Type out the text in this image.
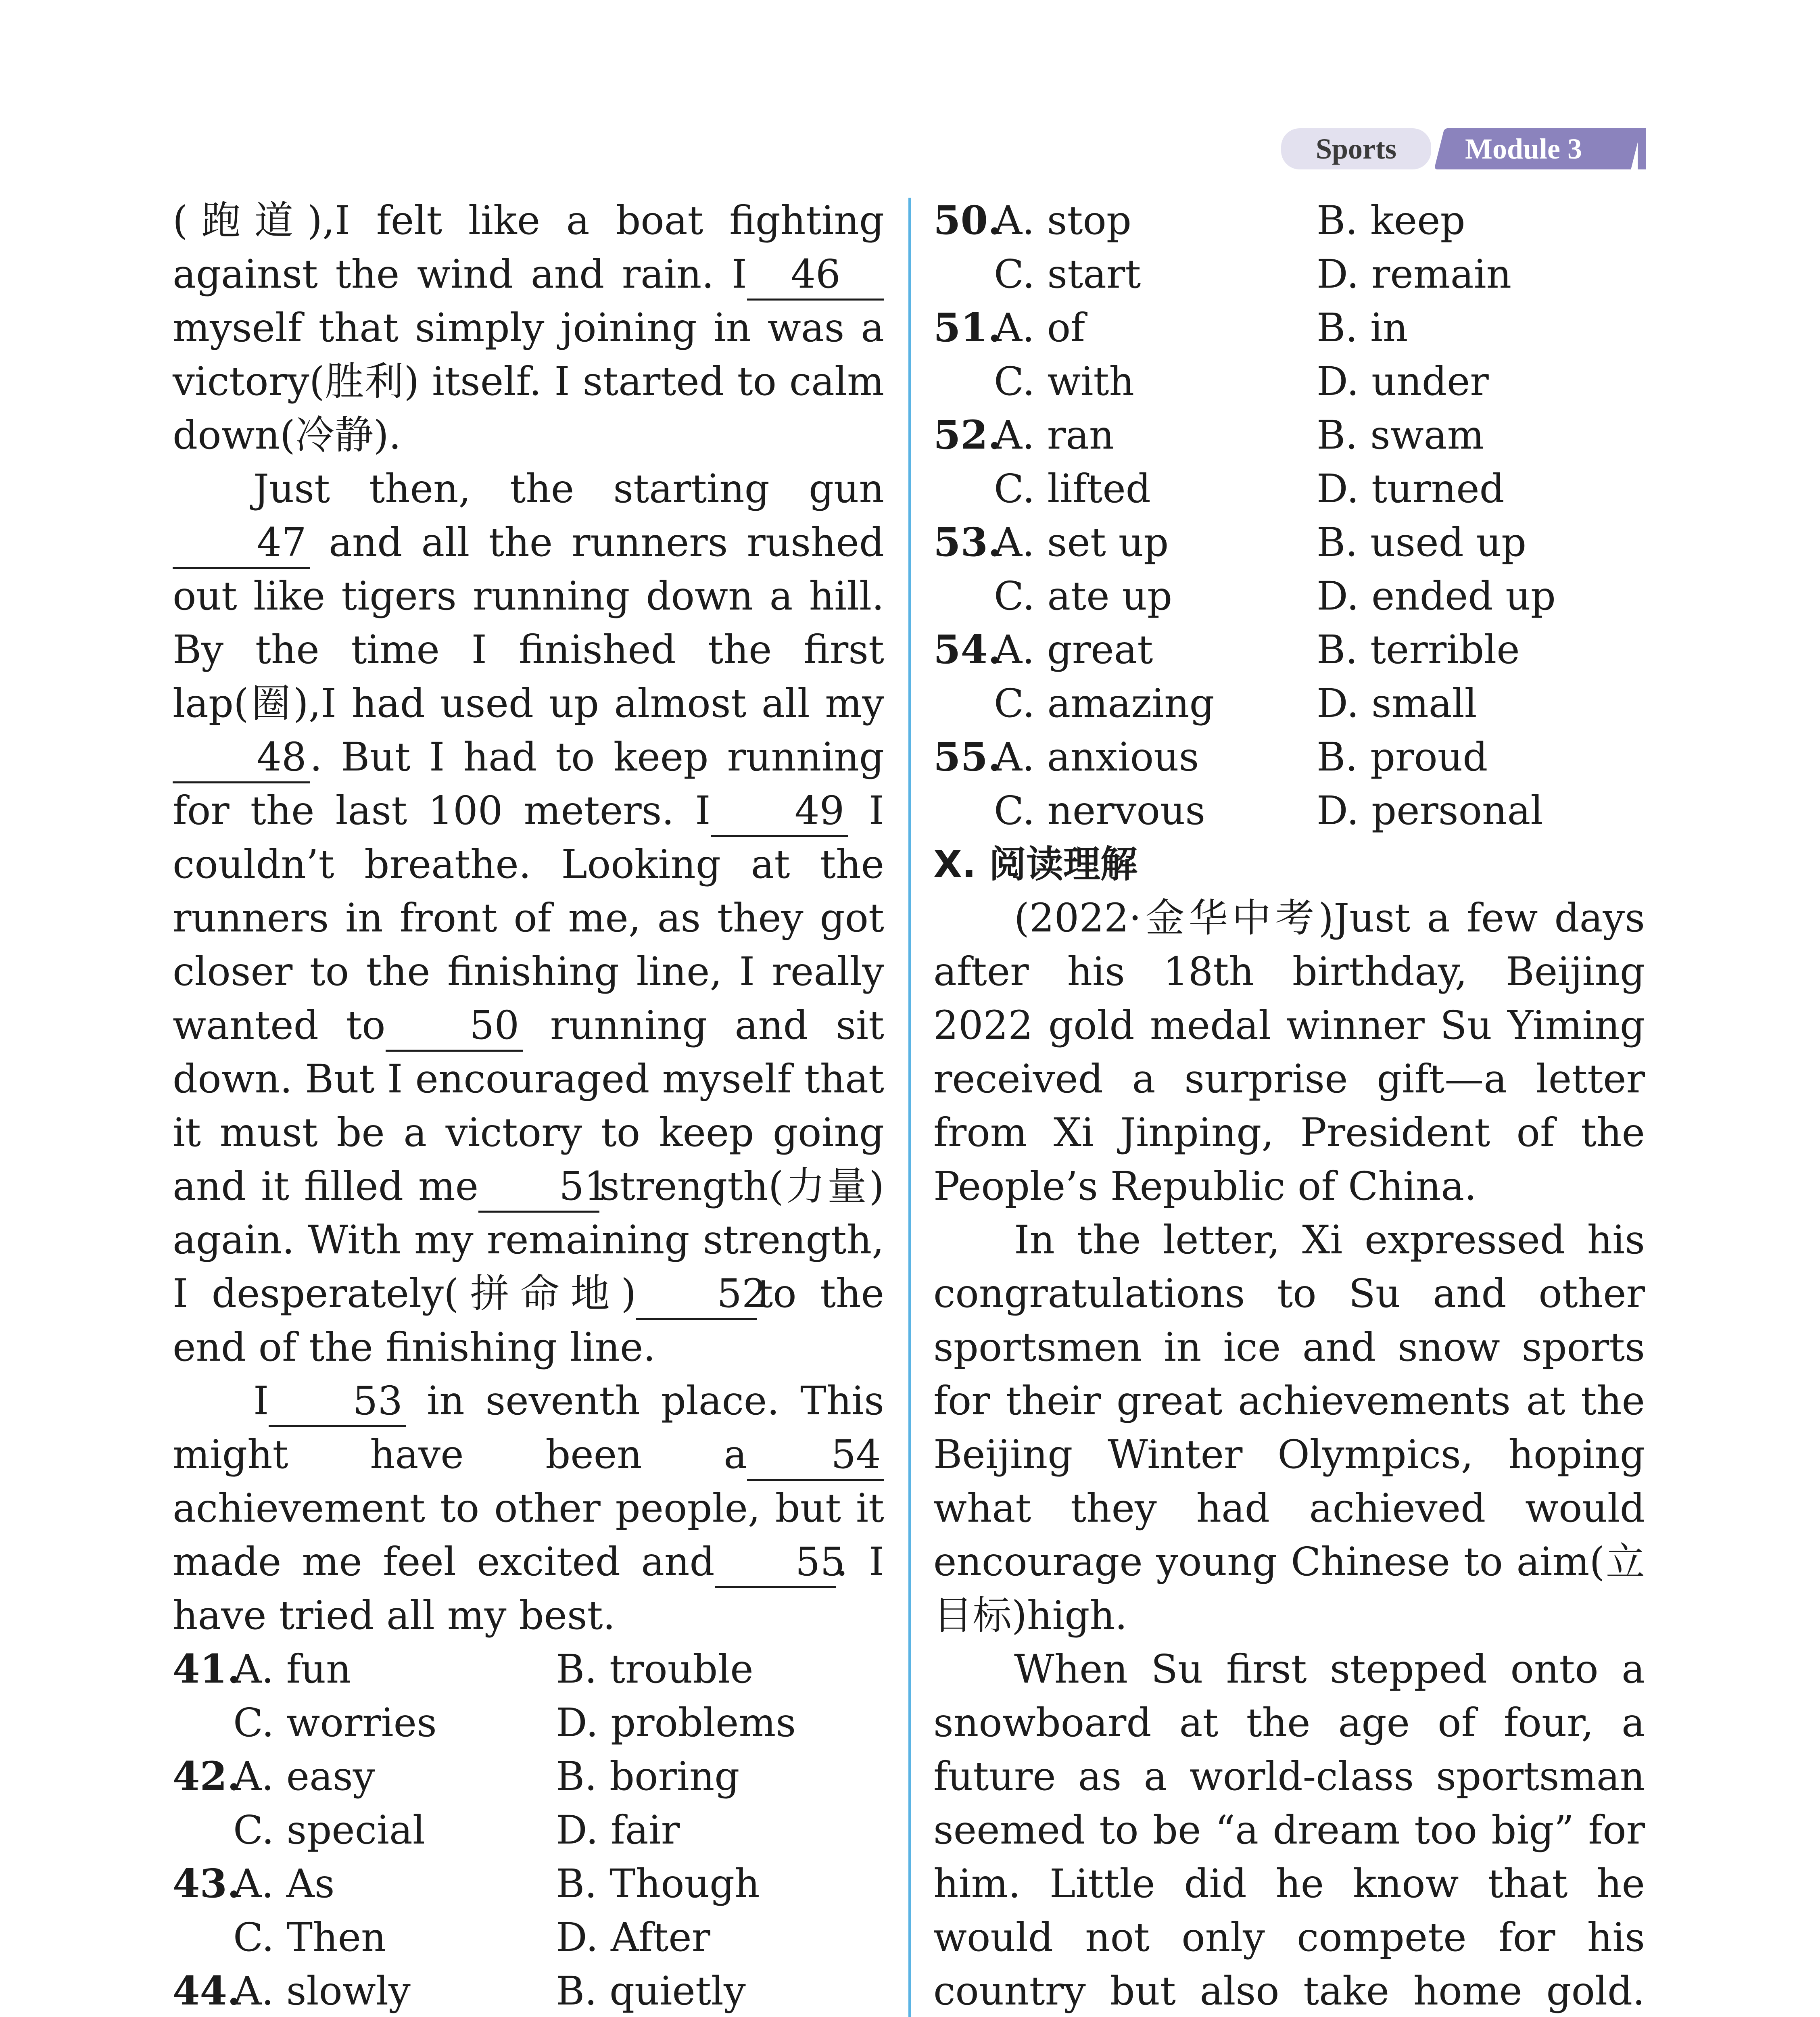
Sports	Module 3

(跑道),I felt like a boat fighting against the wind and rain. I 46 myself that simply joining in was a victory(胜利) itself. I started to calm down(冷静).

Just then, the starting gun47 and all the runners rushed out like tigers running down a hill. By the time I finished the first lap(圈),I had used up almost all my48. But I had to keep running for the last 100 meters. I 49 I couldn’t breathe. Looking at the runners in front of me, as they got closer to the finishing line, I really wanted to 50 running and sit down. But I encouraged myself that it must be a victory to keep going and it filled me 51strength(力量) again. With my remaining strength, I desperately(拼命地) 52to the end of the finishing line.

I 53 in seventh place. This might have been a 54 achievement to other people, but it made me feel excited and 55. I have tried all my best.

41.
A. fun	B. trouble
C. worries	D. problems
42.
A. easy	B. boring
C. special	D. fair
43.
A. As	B. Though
C. Then	D. After
44.
A. slowly	B. quietly
50.
A. stop	B. keep
C. start	D. remain
51.
A. of	B. in
C. with	D. under
52.
A. ran	B. swam
C. lifted	D. turned
53.
A. set up	B. used up
C. ate up	D. ended up
54.
A. great	B. terrible
C. amazing	D. small
55.
A. anxious	B. proud
C. nervous	D. personal
X. 阅读理解

(2022·金华中考)Just a few days after his 18th birthday, Beijing 2022 gold medal winner Su Yiming received a surprise gift—a letter from Xi Jinping, President of the People’s Republic of China.

In the letter, Xi expressed his congratulations to Su and other sportsmen in ice and snow sports for their great achievements at the Beijing Winter Olympics, hoping what they had achieved would encourage young Chinese to aim(立目标)high.

When Su first stepped onto a snowboard at the age of four, a future as a world-class sportsman seemed to be “a dream too big” for him. Little did he know that he would not only compete for his country but also take home gold.
